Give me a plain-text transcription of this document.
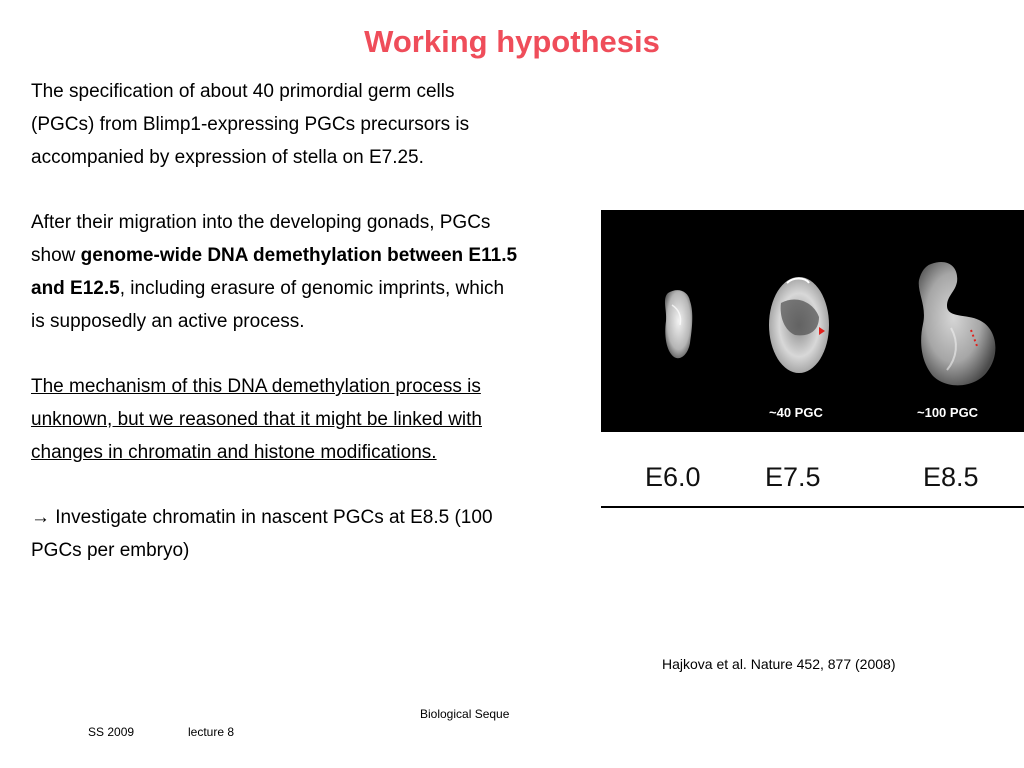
Working hypothesis

The specification of about 40 primordial germ cells (PGCs) from Blimp1-expressing PGCs precursors is accompanied by expression of stella on E7.25.

After their migration into the developing gonads, PGCs show genome-wide DNA demethylation between E11.5 and E12.5, including erasure of genomic imprints, which is supposedly an active process.

The mechanism of this DNA demethylation process is unknown, but we reasoned that it might be linked with changes in chromatin and histone modifications.

→ Investigate chromatin in nascent PGCs at E8.5 (100 PGCs per embryo)

~40 PGC	~100 PGC
E6.0 E7.5	E8.5
Hajkova et al. Nature 452, 877 (2008)
Biological Seque
SS 2009	lecture 8
